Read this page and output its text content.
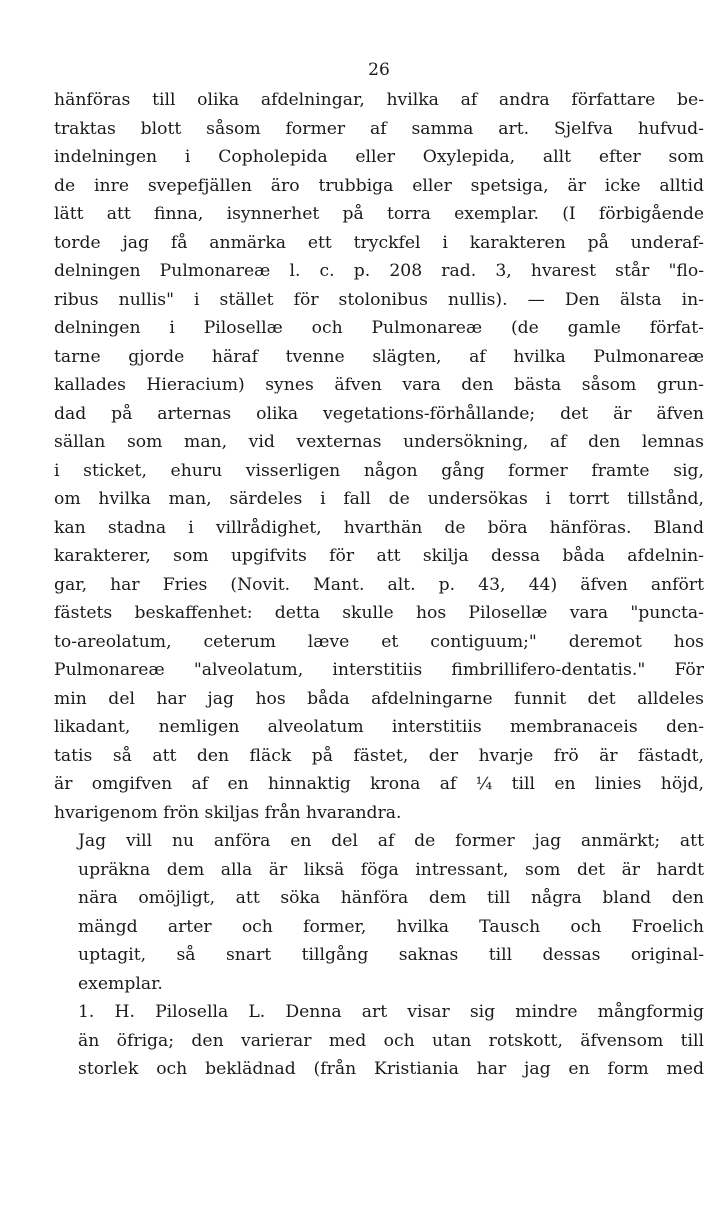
26
hänföras till olika afdelningar, hvilka af andra författare be-
traktas blott såsom former af samma art. Sjelfva hufvud-
indelningen i Copholepida eller Oxylepida, allt efter som
de inre svepefjällen äro trubbiga eller spetsiga, är icke alltid
lätt att finna, isynnerhet på torra exemplar. (I förbigående
torde jag få anmärka ett tryckfel i karakteren på underaf-
delningen Pulmonareæ l. c. p. 208 rad. 3, hvarest står "flo-
ribus nullis" i stället för stolonibus nullis). — Den älsta in-
delningen i Pilosellæ och Pulmonareæ (de gamle förfat-
tarne gjorde häraf tvenne slägten, af hvilka Pulmonareæ
kallades Hieracium) synes äfven vara den bästa såsom grun-
dad på arternas olika vegetations-förhållande; det är äfven
sällan som man, vid vexternas undersökning, af den lemnas
i sticket, ehuru visserligen någon gång former framte sig,
om hvilka man, särdeles i fall de undersökas i torrt tillstånd,
kan stadna i villrådighet, hvarthän de böra hänföras. Bland
karakterer, som upgifvits för att skilja dessa båda afdelnin-
gar, har Fries (Novit. Mant. alt. p. 43, 44) äfven anfört
fästets beskaffenhet: detta skulle hos Pilosellæ vara "puncta-
to-areolatum, ceterum læve et contiguum;" deremot hos
Pulmonareæ "alveolatum, interstitiis fimbrillifero-dentatis." För
min del har jag hos båda afdelningarne funnit det alldeles
likadant, nemligen alveolatum interstitiis membranaceis den-
tatis så att den fläck på fästet, der hvarje frö är fästadt,
är omgifven af en hinnaktig krona af ¼ till en linies höjd,
hvarigenom frön skiljas från hvarandra.
Jag vill nu anföra en del af de former jag anmärkt; att
upräkna dem alla är liksä föga intressant, som det är hardt
nära omöjligt, att söka hänföra dem till några bland den
mängd arter och former, hvilka Tausch och Froelich
uptagit, så snart tillgång saknas till dessas original-
exemplar.
1. H. Pilosella L. Denna art visar sig mindre mångformig
än öfriga; den varierar med och utan rotskott, äfvensom till
storlek och beklädnad (från Kristiania har jag en form med
